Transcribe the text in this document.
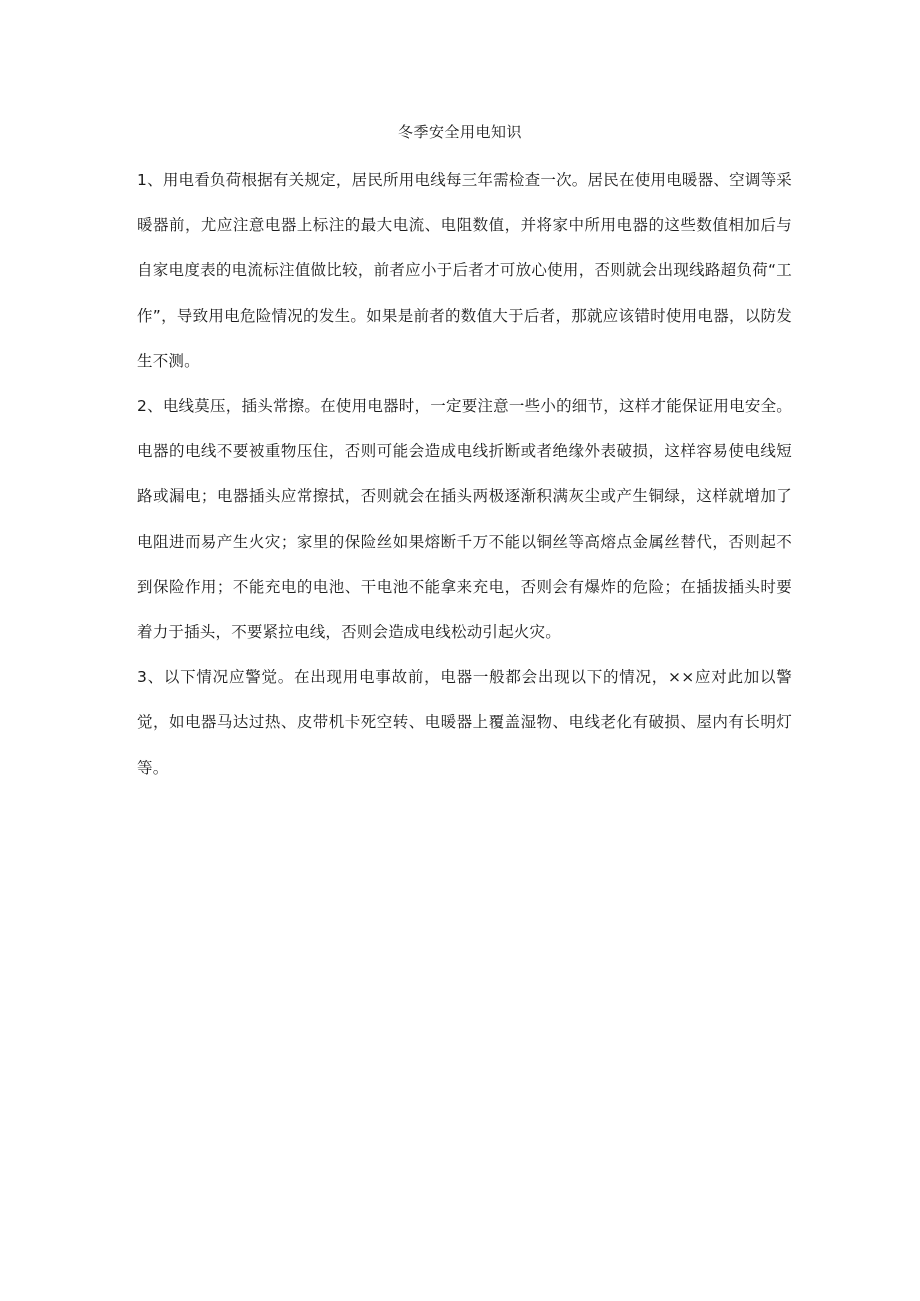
冬季安全用电知识

1、用电看负荷根据有关规定，居民所用电线每三年需检查一次。居民在使用电暖器、空调等采暖器前，尤应注意电器上标注的最大电流、电阻数值，并将家中所用电器的这些数值相加后与自家电度表的电流标注值做比较，前者应小于后者才可放心使用，否则就会出现线路超负荷“工作”，导致用电危险情况的发生。如果是前者的数值大于后者，那就应该错时使用电器，以防发生不测。

2、电线莫压，插头常擦。在使用电器时，一定要注意一些小的细节，这样才能保证用电安全。电器的电线不要被重物压住，否则可能会造成电线折断或者绝缘外表破损，这样容易使电线短路或漏电；电器插头应常擦拭，否则就会在插头两极逐渐积满灰尘或产生铜绿，这样就增加了电阻进而易产生火灾；家里的保险丝如果熔断千万不能以铜丝等高熔点金属丝替代，否则起不到保险作用；不能充电的电池、干电池不能拿来充电，否则会有爆炸的危险；在插拔插头时要着力于插头，不要紧拉电线，否则会造成电线松动引起火灾。

3、以下情况应警觉。在出现用电事故前，电器一般都会出现以下的情况，××应对此加以警觉，如电器马达过热、皮带机卡死空转、电暖器上覆盖湿物、电线老化有破损、屋内有长明灯等。
